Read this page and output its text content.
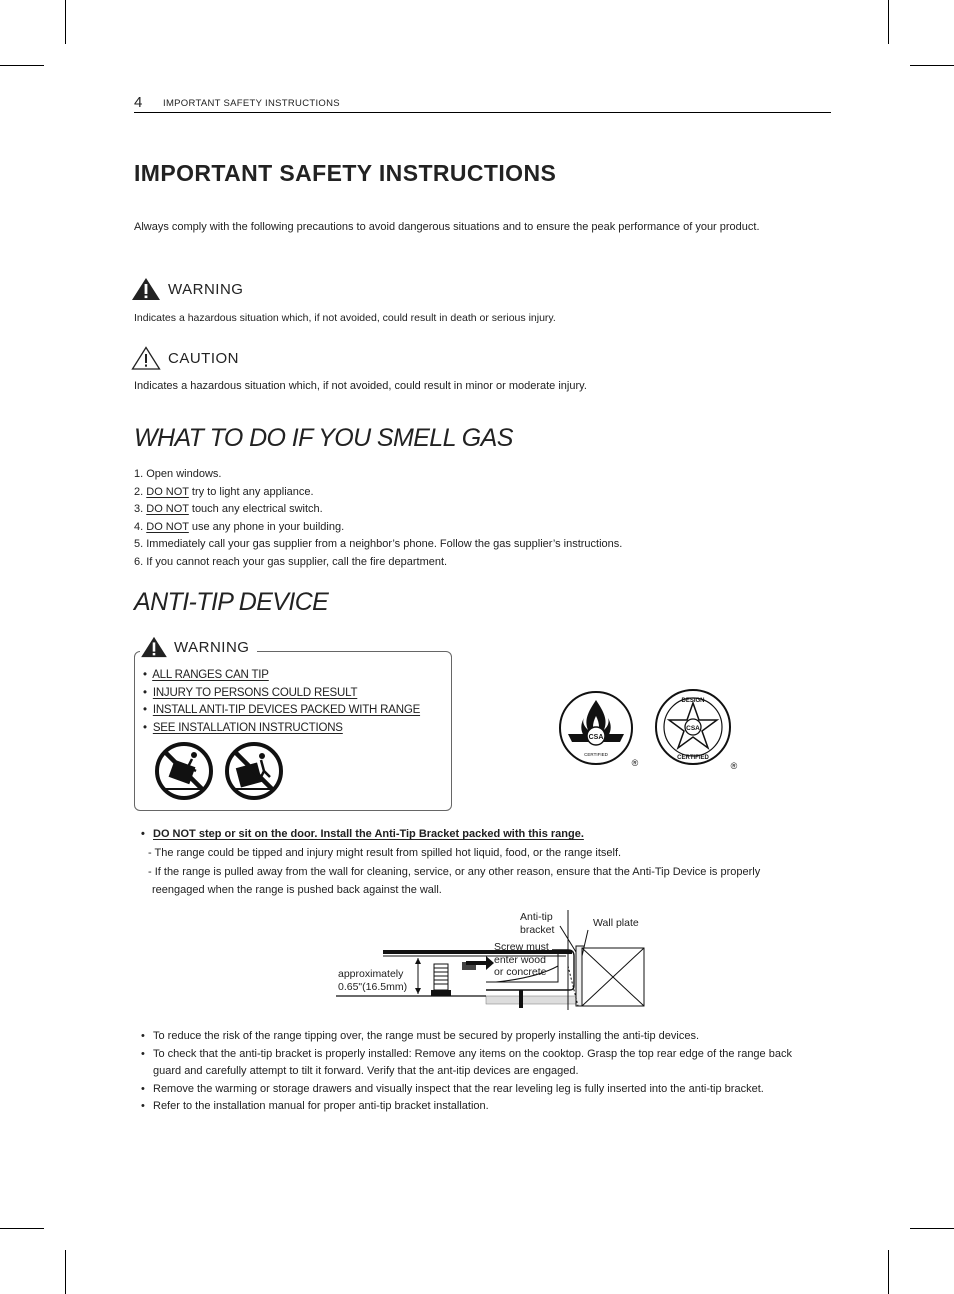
4 IMPORTANT SAFETY INSTRUCTIONS
IMPORTANT SAFETY INSTRUCTIONS
Always comply with the following precautions to avoid dangerous situations and to ensure the peak performance of your product.
WARNING
Indicates a hazardous situation which, if not avoided, could result in death or serious injury.
CAUTION
Indicates a hazardous situation which, if not avoided, could result in minor or moderate injury.
WHAT TO DO IF YOU SMELL GAS
1. Open windows.
2. DO NOT try to light any appliance.
3. DO NOT touch any electrical switch.
4. DO NOT use any phone in your building.
5. Immediately call your gas supplier from a neighbor’s phone. Follow the gas supplier’s instructions.
6. If you cannot reach your gas supplier, call the fire department.
ANTI-TIP DEVICE
WARNING
•  ALL RANGES CAN TIP
•  INJURY TO PERSONS COULD RESULT
•  INSTALL ANTI-TIP DEVICES PACKED WITH RANGE
•  SEE INSTALLATION INSTRUCTIONS
CSA
CERTIFIED
®
CSA
DESIGN
CERTIFIED
®
• DO NOT step or sit on the door. Install the Anti-Tip Bracket packed with this range.
- The range could be tipped and injury might result from spilled hot liquid, food, or the range itself.
- If the range is pulled away from the wall for cleaning, service, or any other reason, ensure that the Anti-Tip Device is properly
reengaged when the range is pushed back against the wall.
Anti-tip
bracket
Wall plate
Screw must
enter wood
or concrete
approximately
0.65"(16.5mm)
• To reduce the risk of the range tipping over, the range must be secured by properly installing the anti-tip devices.
• To check that the anti-tip bracket is properly installed: Remove any items on the cooktop. Grasp the top rear edge of the range back guard and carefully attempt to tilt it forward. Verify that the ant-itip devices are engaged.
• Remove the warming or storage drawers and visually inspect that the rear leveling leg is fully inserted into the anti-tip bracket.
• Refer to the installation manual for proper anti-tip bracket installation.
